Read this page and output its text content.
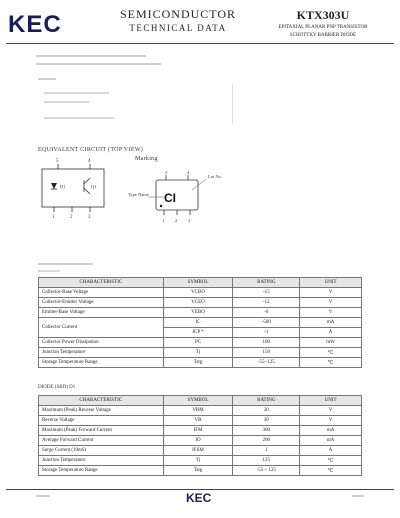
KEC	SEMICONDUCTOR
TECHNICAL DATA
KTX303U
EPITAXIAL PLANAR PNP TRANSISTOR
SCHOTTKY BARRIER DIODE
EQUIVALENT CIRCUIT (TOP VIEW)
5	4
D1	Q1
1	2	3
Marking
5	4
CI
Type Name
Lot No.
1 2 3
CHARACTERISTIC	SYMBOL	RATING	UNIT
Collector-Base Voltage	VCBO	-15	V
Collector-Emitter Voltage	VCEO	-12	V
Emitter-Base Voltage	VEBO	-6	V
Collector Current	IC	-500	mA
	ICP *	-1	A
Collector Power Dissipation	PC	100	mW
Junction Temperature	Tj	150	℃
Storage Temperature Range	Tstg	-55~125	℃
DIODE (SBD) D1
CHARACTERISTIC	SYMBOL	RATING	UNIT
Maximum (Peak) Reverse Voltage	VRM	30	V
Reverse Voltage	VR	30	V
Maximum (Peak) Forward Current	IFM	300	mA
Average Forward Current	IO	200	mA
Surge Current (10mS)	IFSM	1	A
Junction Temperature	Tj	125	℃
Storage Temperature Range	Tstg	-55 ~ 125	℃
KEC
